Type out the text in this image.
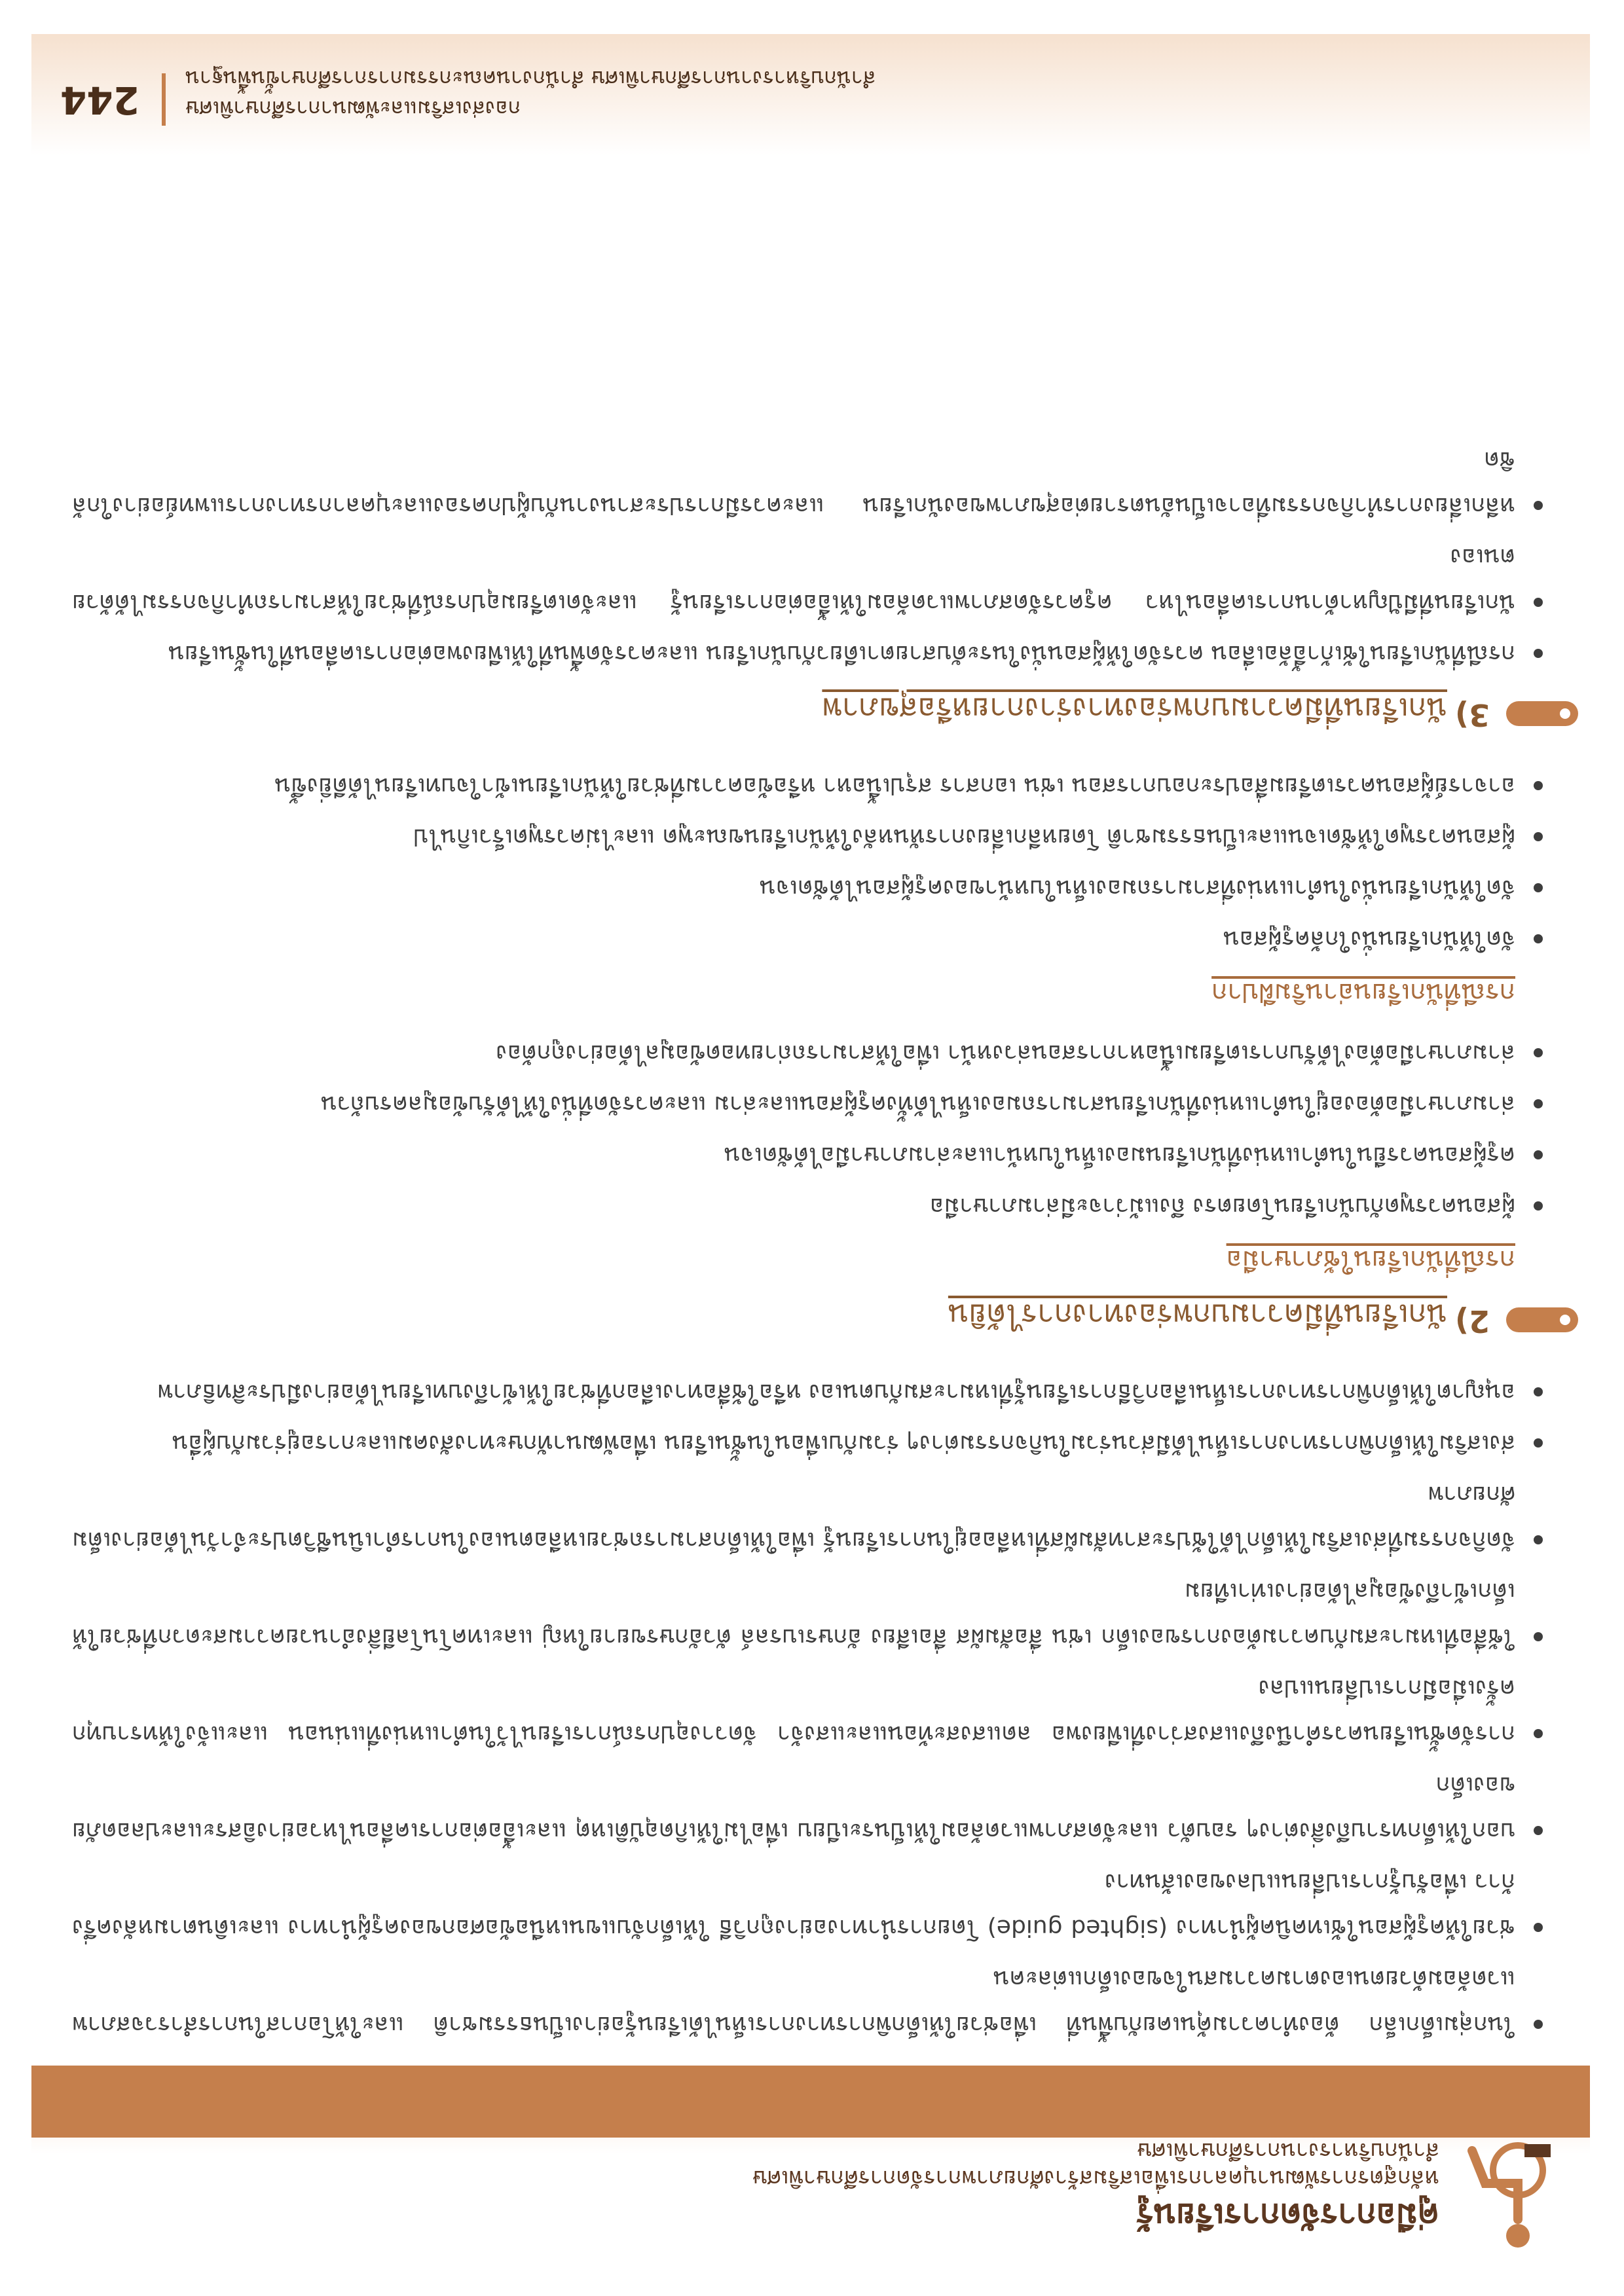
คู่มือการจัดการเรียนรู้
หลักสูตรการพัฒนาบุคลากรเพื่อเสริมสร้างศักยภาพการจัดการศึกษาพิเศษ
สำนักบริหารงานการศึกษาพิเศษ
ในกลุ่มเด็กเล็ก ต้องทำความคุ้นเคยกับพื้นที่ เพื่อช่วยให้เด็กพิการทางการเห็นได้เรียนรู้อย่างเป็นธรรมชาติ และให้โอกาสในการสำรวจสภาพแวดล้อมด้วยตนเองตามความสนใจของเด็กแต่ละคน
ช่วยให้ครูผู้สอนใช้เทคนิคผู้นำทาง (sighted guide) โดยการนำทางอย่างถูกวิธี ให้เด็กจับแขนเหนือข้อศอกของครูผู้นำทาง และเดินตามหลังครึ่งก้าว เพื่อรับรู้การเปลี่ยนแปลงของเส้นทาง
บอกให้เด็กทราบถึงสิ่งต่างๆ รอบตัว และจัดสภาพแวดล้อมให้เป็นระเบียบ เพื่อไม่ให้เกิดอุบัติเหตุ และเอื้อต่อการเคลื่อนไหวอย่างอิสระและปลอดภัยของเด็ก
การจัดชั้นเรียนควรคำนึงถึงแสงสว่างที่เพียงพอ ลดแสงสะท้อนและแสงจ้า จัดวางอุปกรณ์การเรียนไว้ในตำแหน่งที่แน่นอน และแจ้งให้ทราบทุกครั้งเมื่อมีการเปลี่ยนแปลง
ใช้สื่อที่เหมาะสมกับความต้องการของเด็ก เช่น สื่อสัมผัส สื่อเสียง อักษรเบรลล์ ตัวอักษรขยายใหญ่ และเทคโนโลยีสิ่งอำนวยความสะดวกที่ช่วยให้เด็กเข้าถึงข้อมูลได้อย่างเท่าเทียม
จัดกิจกรรมที่ส่งเสริมให้เด็กได้ใช้ประสาทสัมผัสที่เหลืออยู่ในการเรียนรู้ เพื่อให้เด็กสามารถช่วยเหลือตนเองในการดำเนินชีวิตประจำวันได้อย่างเต็มศักยภาพ
ส่งเสริมให้เด็กพิการทางการเห็นได้มีส่วนร่วมในกิจกรรมต่างๆ ร่วมกับเพื่อนในชั้นเรียน เพื่อพัฒนาทักษะทางสังคมและการอยู่ร่วมกับผู้อื่น
อนุญาตให้เด็กพิการทางการเห็นเลือกวิธีการเรียนรู้ที่เหมาะสมกับตนเอง หรือใช้สื่อทางเลือกที่ช่วยให้เข้าถึงบทเรียนได้อย่างมีประสิทธิภาพ
2)
นักเรียนที่มีความบกพร่องทางการได้ยิน
กรณีที่นักเรียนใช้ภาษามือ
ผู้สอนควรพูดกับนักเรียนโดยตรง ถึงแม้ว่าจะมีล่ามภาษามือ
ครูผู้สอนควรยืนในตำแหน่งที่นักเรียนมองเห็นใบหน้าและล่ามภาษามือได้ชัดเจน
ล่ามภาษามือต้องอยู่ในตำแหน่งที่นักเรียนสามารถมองเห็นได้ทั้งครูผู้สอนและล่าม และควรจัดที่นั่งให้ได้รับข้อมูลครบถ้วน
ล่ามภาษามือต้องได้รับการเตรียมเนื้อหาการสอนล่วงหน้า เพื่อให้สามารถถ่ายทอดข้อมูลได้อย่างถูกต้อง
กรณีที่นักเรียนอ่านริมฝีปาก
จัดให้นักเรียนนั่งใกล้ครูผู้สอน
จัดให้นักเรียนนั่งในตำแหน่งที่สามารถมองเห็นใบหน้าของครูผู้สอนได้ชัดเจน
ผู้สอนควรพูดให้ชัดเจนและเป็นธรรมชาติ โดยหลีกเลี่ยงการหันหลังให้นักเรียนขณะพูด และไม่ควรพูดเร็วเกินไป
อาจารย์ผู้สอนควรเตรียมสื่อประกอบการสอน เช่น เอกสาร สรุปเนื้อหา หรือข้อความที่ช่วยให้นักเรียนเข้าใจบทเรียนได้ดียิ่งขึ้น
3)
นักเรียนที่มีความบกพร่องทางร่างกายหรือสุขภาพ
กรณีที่นักเรียนใช้เก้าอี้ล้อเลื่อน ควรจัดให้ผู้สอนนั่งในระดับสายตาเดียวกับนักเรียน และควรจัดพื้นที่ให้เพียงพอต่อการเคลื่อนที่ในชั้นเรียน
นักเรียนที่มีปัญหาด้านการเคลื่อนไหว ครูควรจัดสภาพแวดล้อมให้เอื้อต่อการเรียนรู้ และจัดเตรียมอุปกรณ์ที่ช่วยให้สามารถทำกิจกรรมได้ด้วยตนเอง
หลีกเลี่ยงการทำกิจกรรมที่อาจเป็นอันตรายต่อสุขภาพของนักเรียน และควรมีการประสานงานกับผู้ปกครองและบุคลากรทางการแพทย์อย่างใกล้ชิด
กองส่งเสริมและพัฒนาการศึกษาพิเศษ
สำนักบริหารงานการศึกษาพิเศษ สำนักงานคณะกรรมการการศึกษาขั้นพื้นฐาน
244
